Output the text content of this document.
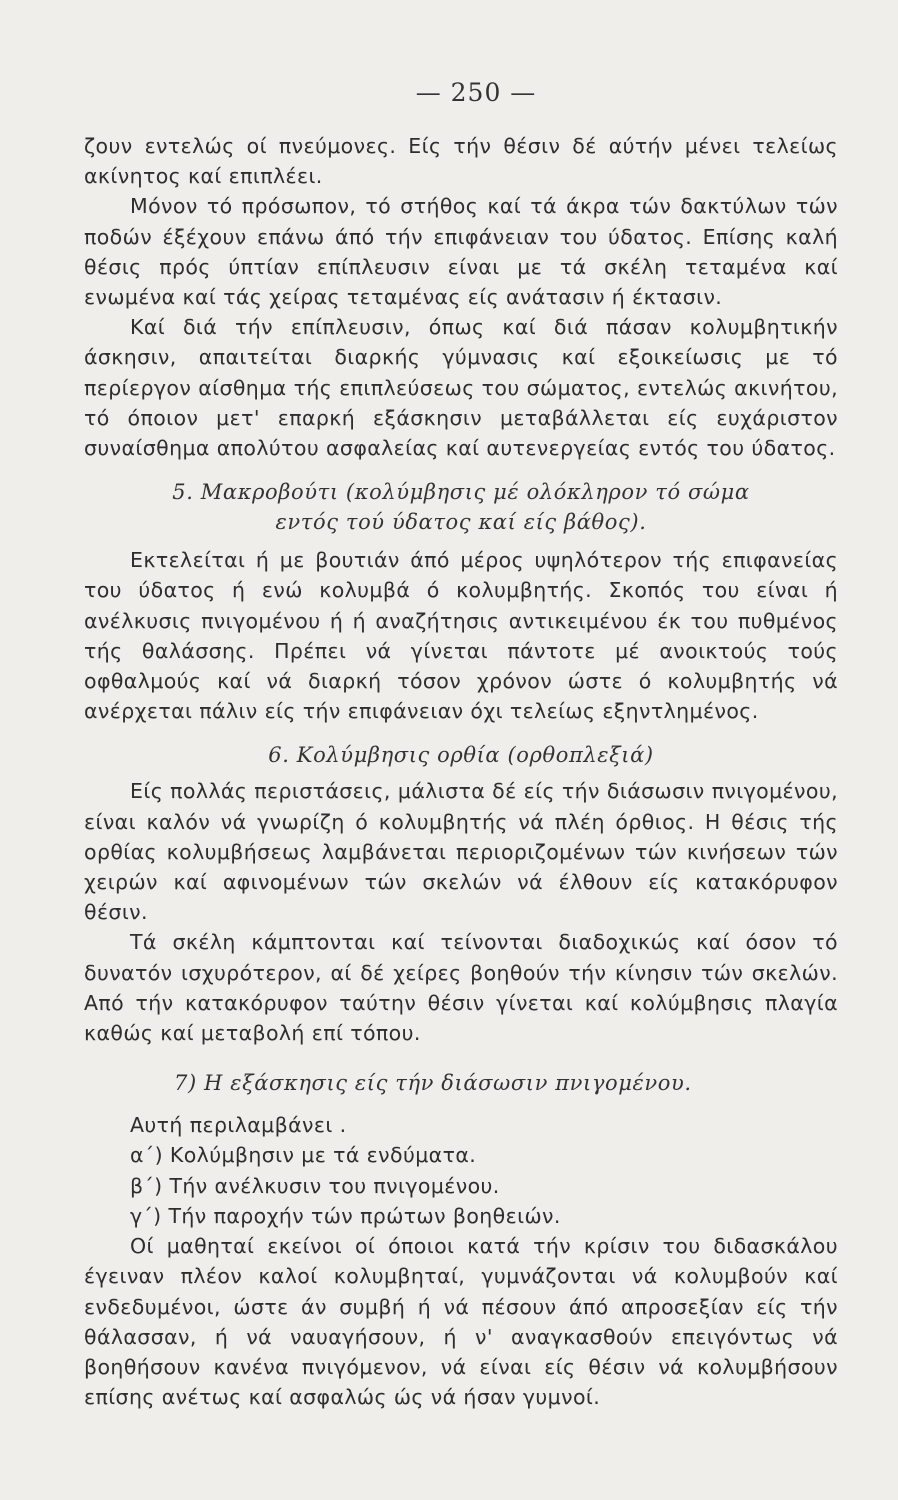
— 250 —

ζουν εντελώς οί πνεύμονες. Είς τήν θέσιν δέ αύτήν μένει τελείως ακίνητος καί επιπλέει.

Μόνον τό πρόσωπον, τό στήθος καί τά άκρα τών δακτύλων τών ποδών έξέχουν επάνω άπό τήν επιφάνειαν του ύδατος. Επίσης καλή θέσις πρός ύπτίαν επίπλευσιν είναι με τά σκέλη τεταμένα καί ενωμένα καί τάς χείρας τεταμένας είς ανάτασιν ή έκτασιν.

Καί διά τήν επίπλευσιν, όπως καί διά πάσαν κολυμβητικήν άσκησιν, απαιτείται διαρκής γύμνασις καί εξοικείωσις με τό περίεργον αίσθημα τής επιπλεύσεως του σώματος, εντελώς ακινήτου, τό όποιον μετ' επαρκή εξάσκησιν μεταβάλλεται είς ευχάριστον συναίσθημα απολύτου ασφαλείας καί αυτενεργείας εντός του ύδατος.

5. Μακροβούτι (κολύμβησις μέ ολόκληρον τό σώμα
εντός τού ύδατος καί είς βάθος).

Εκτελείται ή με βουτιάν άπό μέρος υψηλότερον τής επιφανείας του ύδατος ή ενώ κολυμβά ό κολυμβητής. Σκοπός του είναι ή ανέλκυσις πνιγομένου ή ή αναζήτησις αντικειμένου έκ του πυθμένος τής θαλάσσης. Πρέπει νά γίνεται πάντοτε μέ ανοικτούς τούς οφθαλμούς καί νά διαρκή τόσον χρόνον ώστε ό κολυμβητής νά ανέρχεται πάλιν είς τήν επιφάνειαν όχι τελείως εξηντλημένος.

6. Κολύμβησις ορθία (ορθοπλεξιά)

Είς πολλάς περιστάσεις, μάλιστα δέ είς τήν διάσωσιν πνιγομένου, είναι καλόν νά γνωρίζη ό κολυμβητής νά πλέη όρθιος. Η θέσις τής ορθίας κολυμβήσεως λαμβάνεται περιοριζομένων τών κινήσεων τών χειρών καί αφινομένων τών σκελών νά έλθουν είς κατακόρυφον θέσιν.

Τά σκέλη κάμπτονται καί τείνονται διαδοχικώς καί όσον τό δυνατόν ισχυρότερον, αί δέ χείρες βοηθούν τήν κίνησιν τών σκελών. Από τήν κατακόρυφον ταύτην θέσιν γίνεται καί κολύμβησις πλαγία καθώς καί μεταβολή επί τόπου.

7) Η εξάσκησις είς τήν διάσωσιν πνιγομένου.

Αυτή περιλαμβάνει .

α΄) Κολύμβησιν με τά ενδύματα.

β΄) Τήν ανέλκυσιν του πνιγομένου.

γ΄) Τήν παροχήν τών πρώτων βοηθειών.

Οί μαθηταί εκείνοι οί όποιοι κατά τήν κρίσιν του διδασκάλου έγειναν πλέον καλοί κολυμβηταί, γυμνάζονται νά κολυμβούν καί ενδεδυμένοι, ώστε άν συμβή ή νά πέσουν άπό απροσεξίαν είς τήν θάλασσαν, ή νά ναυαγήσουν, ή ν' αναγκασθούν επειγόντως νά βοηθήσουν κανένα πνιγόμενον, νά είναι είς θέσιν νά κολυμβήσουν επίσης ανέτως καί ασφαλώς ώς νά ήσαν γυμνοί.
